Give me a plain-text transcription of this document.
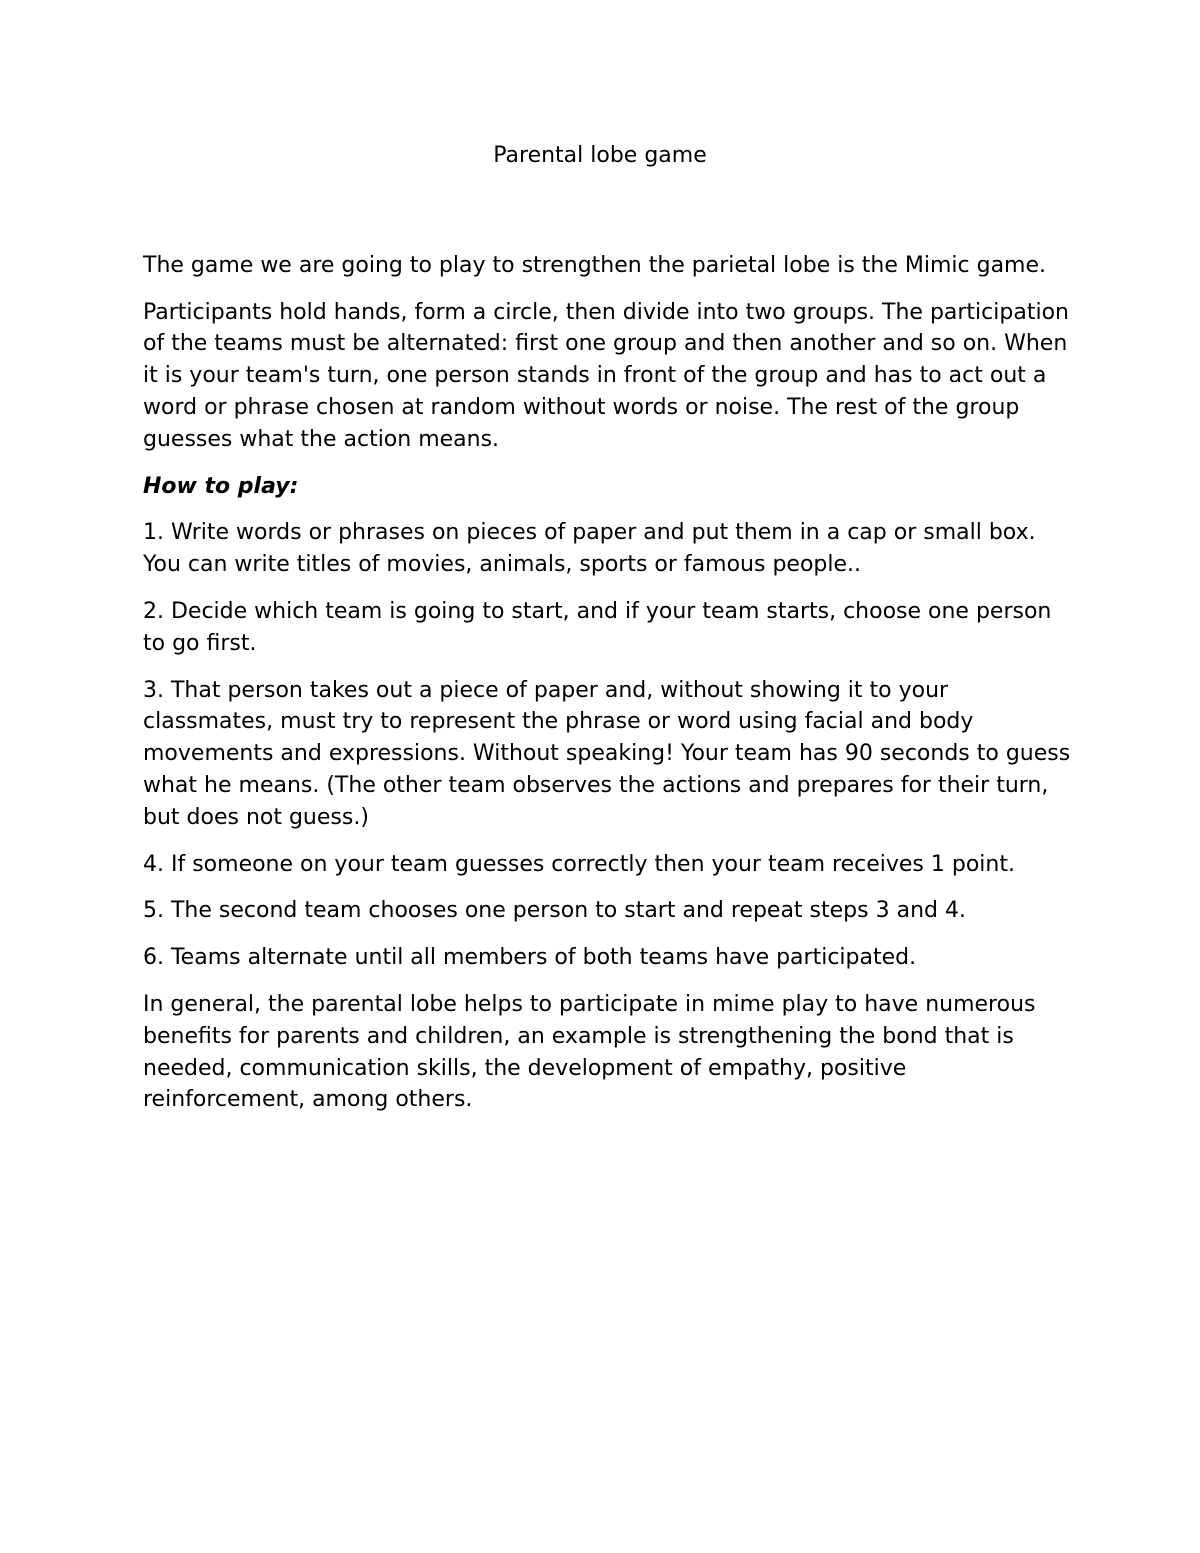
Parental lobe game

The game we are going to play to strengthen the parietal lobe is the Mimic game.

Participants hold hands, form a circle, then divide into two groups. The participation of the teams must be alternated: first one group and then another and so on. When it is your team's turn, one person stands in front of the group and has to act out a word or phrase chosen at random without words or noise. The rest of the group guesses what the action means.

How to play:

1. Write words or phrases on pieces of paper and put them in a cap or small box. You can write titles of movies, animals, sports or famous people..

2. Decide which team is going to start, and if your team starts, choose one person to go first.

3. That person takes out a piece of paper and, without showing it to your classmates, must try to represent the phrase or word using facial and body movements and expressions. Without speaking! Your team has 90 seconds to guess what he means. (The other team observes the actions and prepares for their turn, but does not guess.)

4. If someone on your team guesses correctly then your team receives 1 point.

5. The second team chooses one person to start and repeat steps 3 and 4.

6. Teams alternate until all members of both teams have participated.

In general, the parental lobe helps to participate in mime play to have numerous benefits for parents and children, an example is strengthening the bond that is needed, communication skills, the development of empathy, positive reinforcement, among others.
